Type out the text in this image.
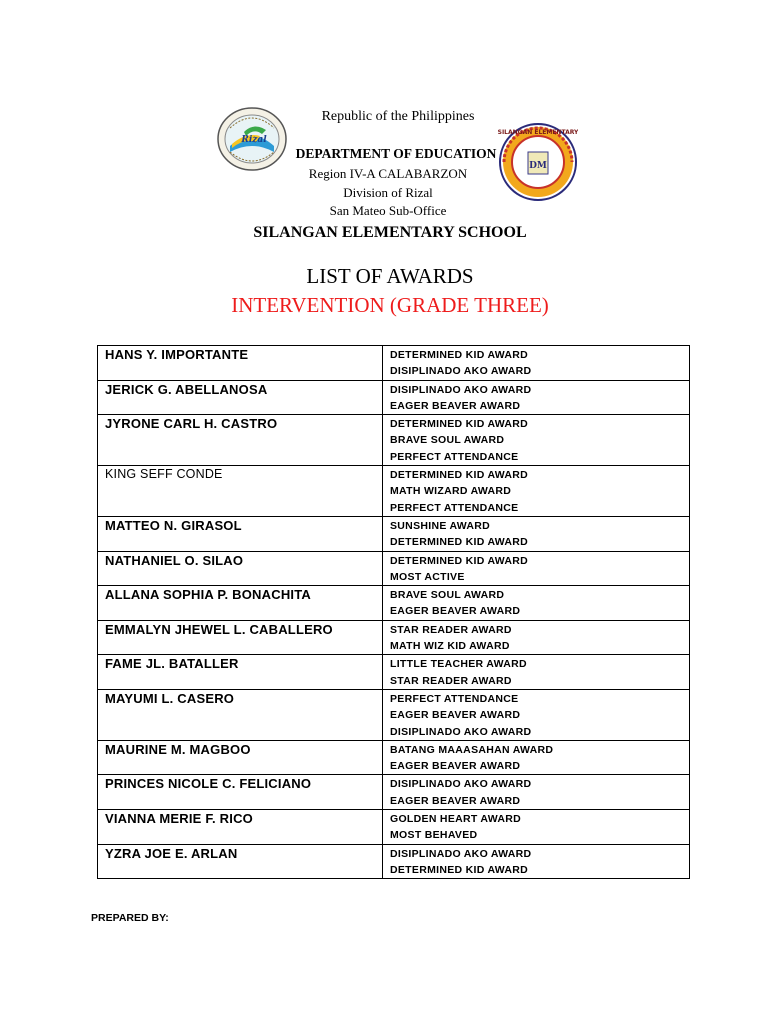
Rizal
SILANGAN ELEMENTARY
DM
Republic of the Philippines
DEPARTMENT OF EDUCATION
Region IV-A CALABARZON
Division of Rizal
San Mateo Sub-Office
SILANGAN ELEMENTARY SCHOOL
LIST OF AWARDS
INTERVENTION (GRADE THREE)
HANS Y. IMPORTANTE	DETERMINED KID AWARD
DISIPLINADO AKO AWARD

JERICK G. ABELLANOSA	DISIPLINADO AKO AWARD
EAGER BEAVER AWARD

JYRONE CARL H. CASTRO	DETERMINED KID AWARD
BRAVE SOUL AWARD
PERFECT ATTENDANCE

KING SEFF CONDE	DETERMINED KID AWARD
MATH WIZARD AWARD
PERFECT ATTENDANCE

MATTEO N. GIRASOL	SUNSHINE AWARD
DETERMINED KID AWARD

NATHANIEL O. SILAO	DETERMINED KID AWARD
MOST ACTIVE

ALLANA SOPHIA P. BONACHITA	BRAVE SOUL AWARD
EAGER BEAVER AWARD

EMMALYN JHEWEL L. CABALLERO	STAR READER AWARD
MATH WIZ KID AWARD

FAME JL. BATALLER	LITTLE TEACHER AWARD
STAR READER AWARD

MAYUMI L. CASERO	PERFECT ATTENDANCE
EAGER BEAVER AWARD
DISIPLINADO AKO AWARD

MAURINE M. MAGBOO	BATANG MAAASAHAN AWARD
EAGER BEAVER AWARD

PRINCES NICOLE C. FELICIANO	DISIPLINADO AKO AWARD
EAGER BEAVER AWARD

VIANNA MERIE F. RICO	GOLDEN HEART AWARD
MOST BEHAVED

YZRA JOE E. ARLAN	DISIPLINADO AKO AWARD
DETERMINED KID AWARD
PREPARED BY:
